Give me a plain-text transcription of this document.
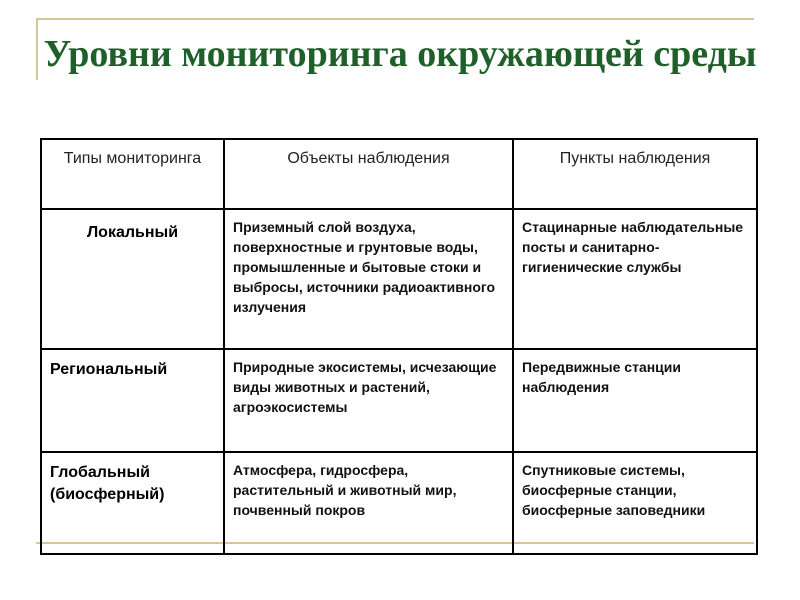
Уровни мониторинга окружающей среды
Типы мониторинга	Объекты наблюдения	Пункты наблюдения
Локальный	Приземный слой воздуха, поверхностные и грунтовые воды, промышленные и бытовые стоки и выбросы, источники радиоактивного излучения	Стацинарные наблюдательные посты и санитарно-гигиенические службы
Региональный	Природные экосистемы, исчезающие виды животных и растений, агроэкосистемы	Передвижные станции наблюдения
Глобальный (биосферный)	Атмосфера, гидросфера, растительный и животный мир, почвенный покров	Спутниковые системы, биосферные станции, биосферные заповедники
